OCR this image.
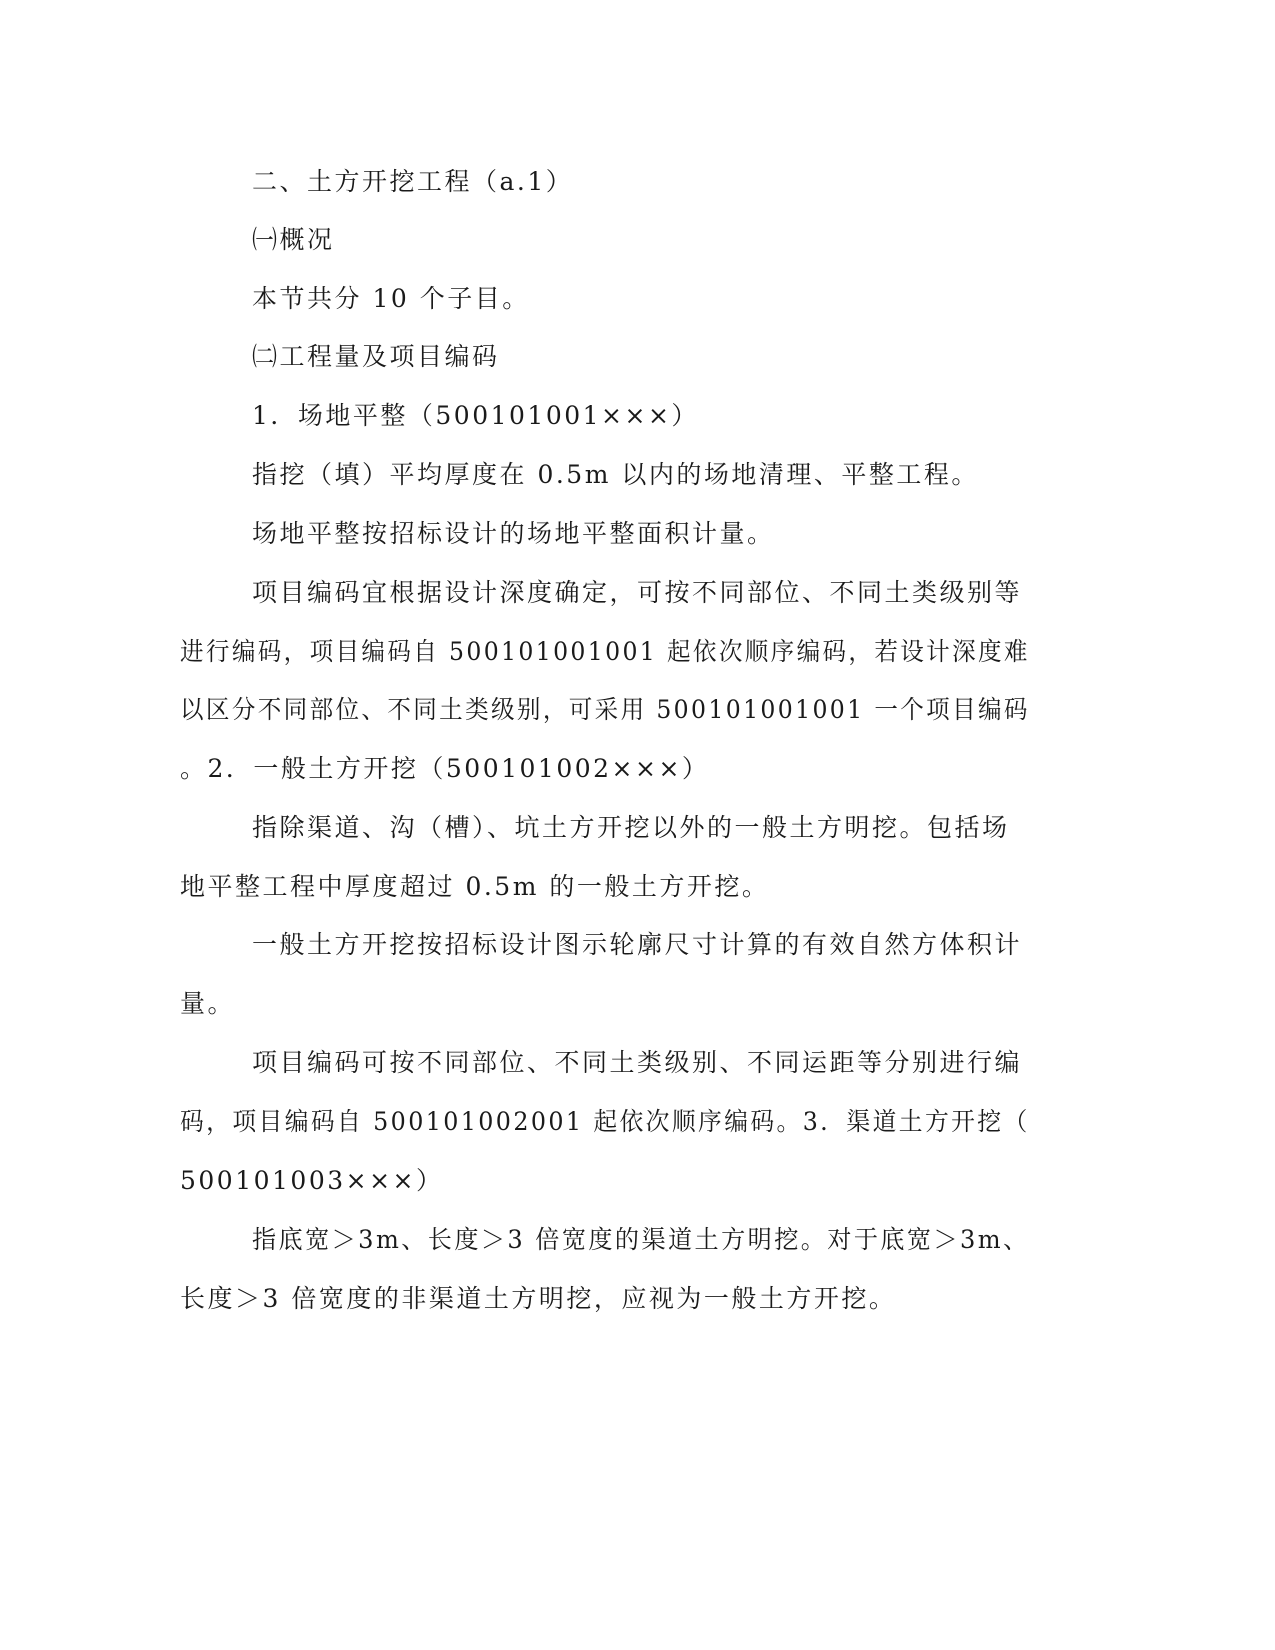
二、土方开挖工程（a.1）
㈠概况
本节共分 10 个子目。
㈡工程量及项目编码
1．场地平整（500101001×××）
指挖（填）平均厚度在 0.5m 以内的场地清理、平整工程。
场地平整按招标设计的场地平整面积计量。
项目编码宜根据设计深度确定，可按不同部位、不同土类级别等
进行编码，项目编码自 500101001001 起依次顺序编码，若设计深度难
以区分不同部位、不同土类级别，可采用 500101001001 一个项目编码
。2．一般土方开挖（500101002×××）
指除渠道、沟（槽）、坑土方开挖以外的一般土方明挖。包括场
地平整工程中厚度超过 0.5m 的一般土方开挖。
一般土方开挖按招标设计图示轮廓尺寸计算的有效自然方体积计
量。
项目编码可按不同部位、不同土类级别、不同运距等分别进行编
码，项目编码自 500101002001 起依次顺序编码。3．渠道土方开挖（
500101003×××）
指底宽＞3m、长度＞3 倍宽度的渠道土方明挖。对于底宽＞3m、
长度＞3 倍宽度的非渠道土方明挖，应视为一般土方开挖。
